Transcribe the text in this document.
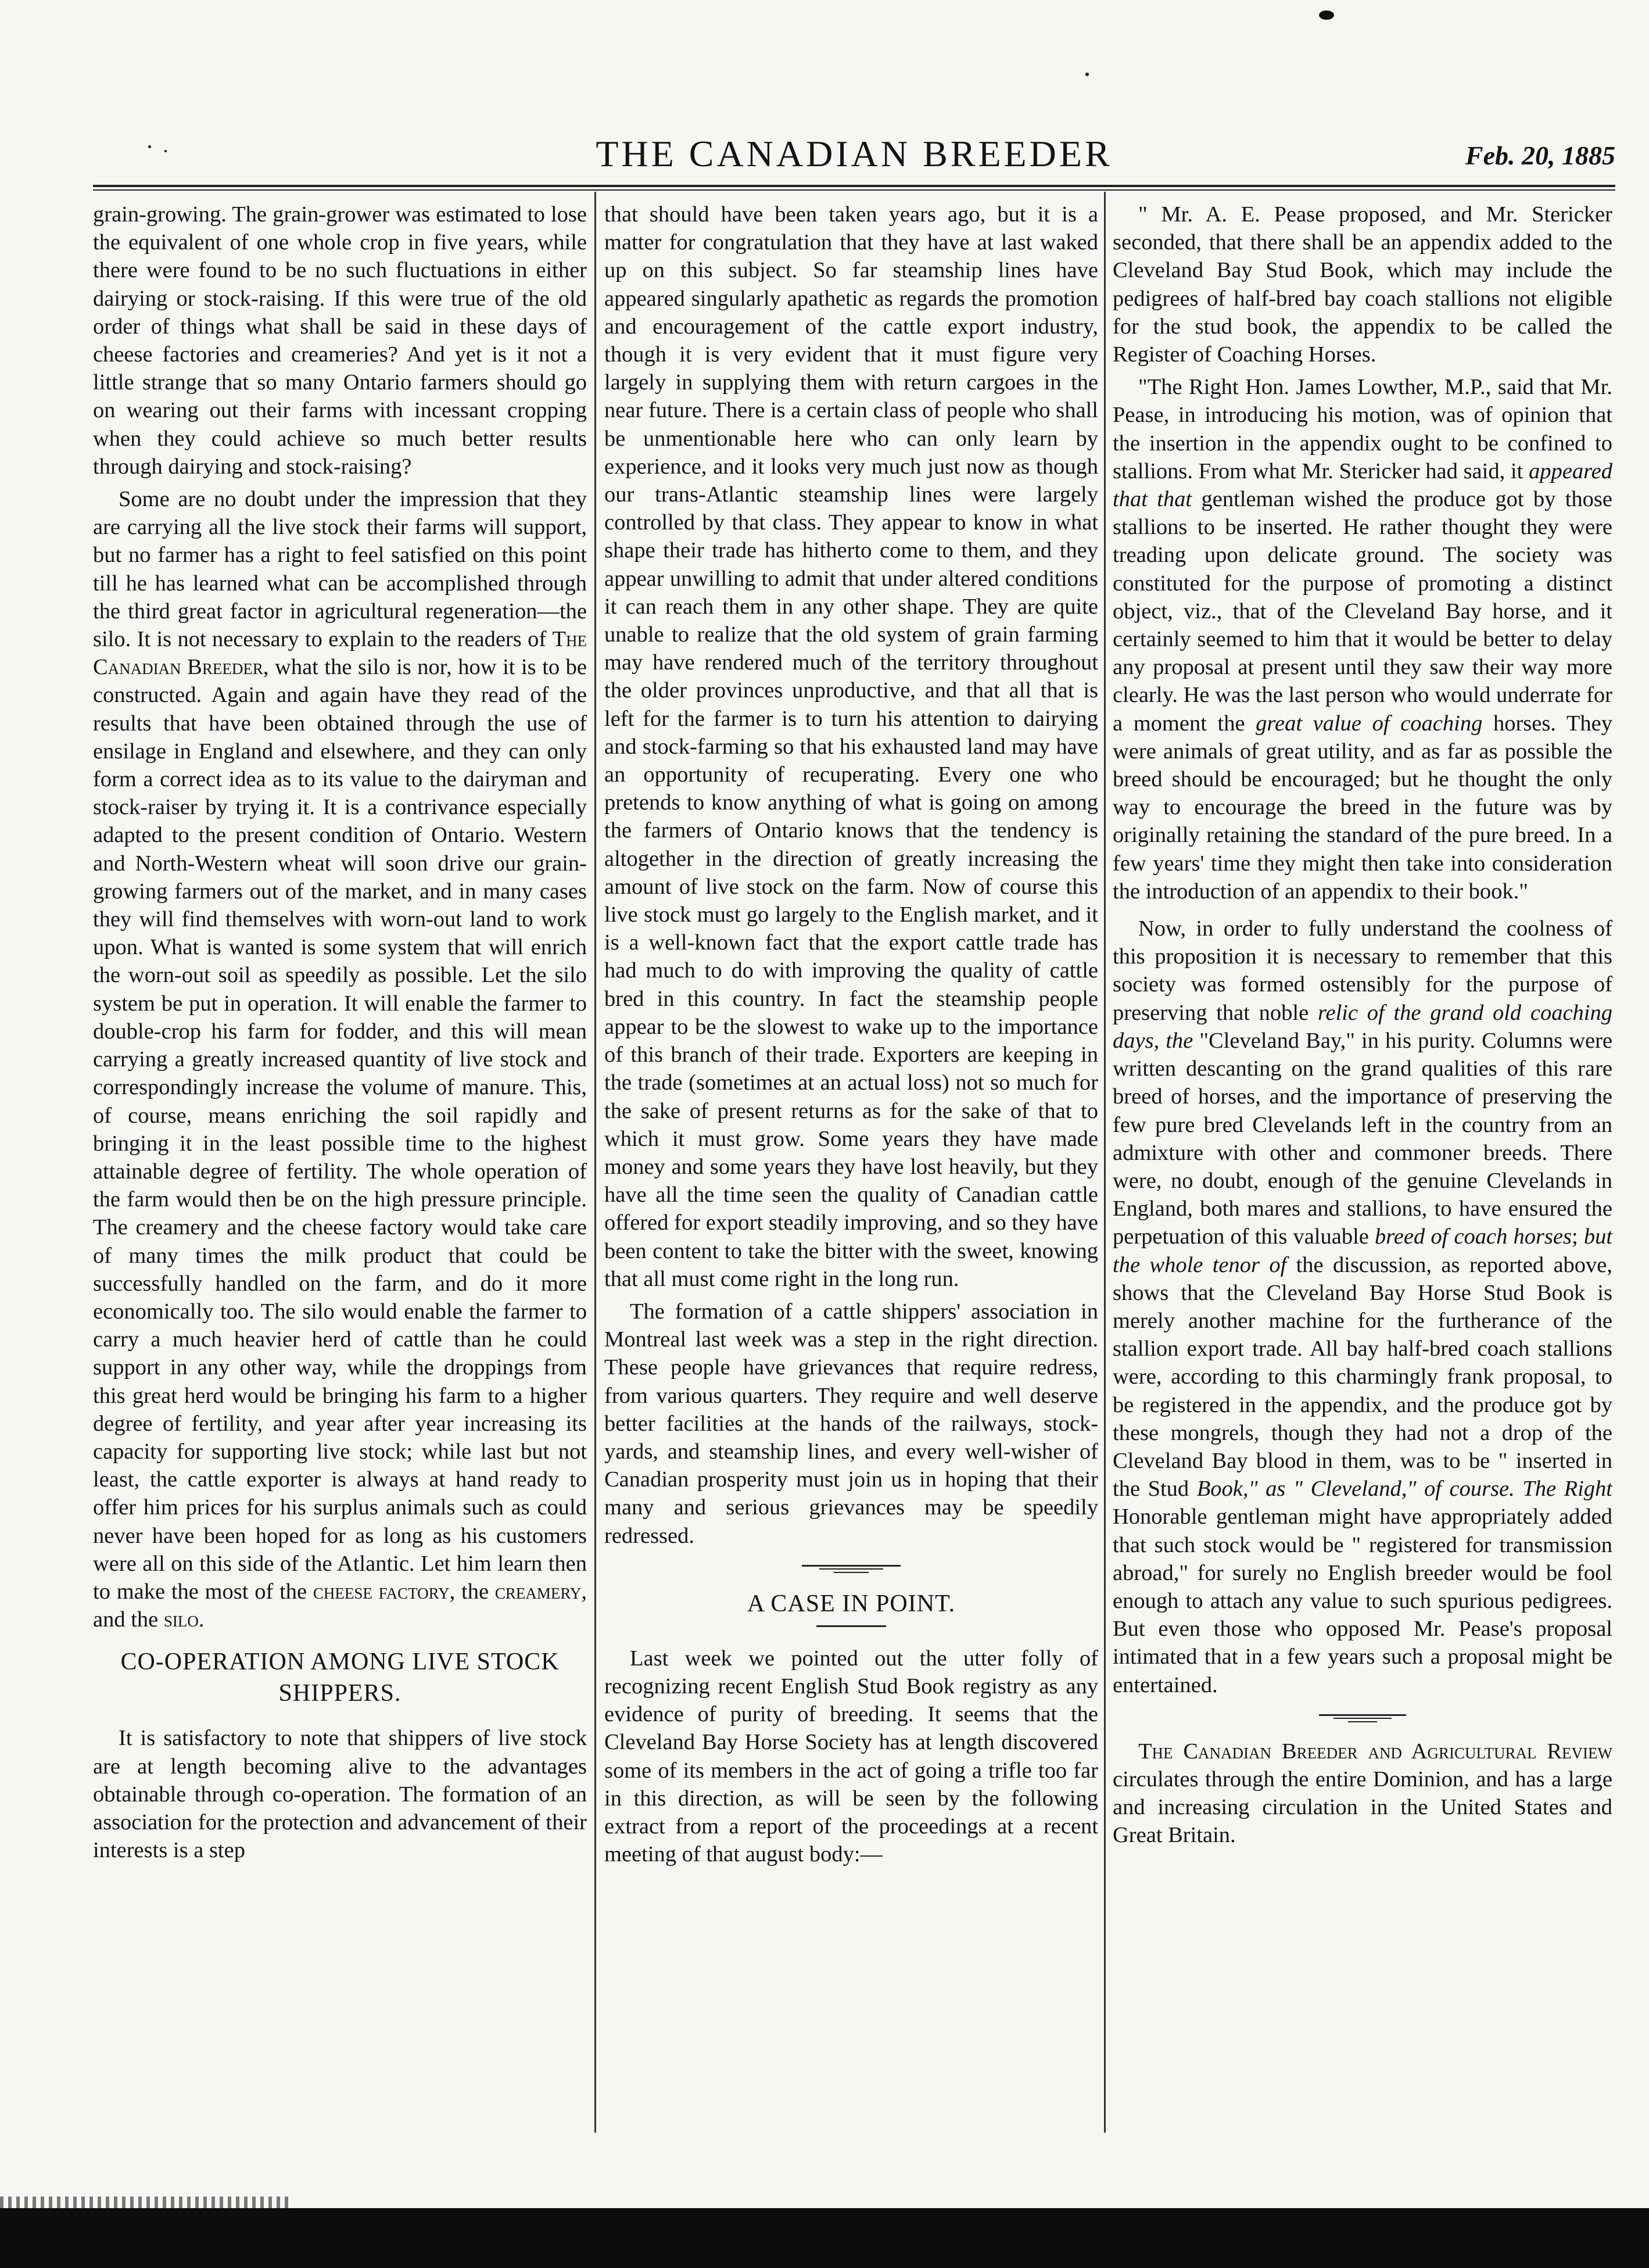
THE CANADIAN BREEDER	Feb. 20, 1885

grain-growing. The grain-grower was estimated to lose the equivalent of one whole crop in five years, while there were found to be no such fluctuations in either dairying or stock-raising. If this were true of the old order of things what shall be said in these days of cheese factories and creameries? And yet is it not a little strange that so many Ontario farmers should go on wearing out their farms with incessant cropping when they could achieve so much better results through dairying and stock-raising?

Some are no doubt under the impression that they are carrying all the live stock their farms will support, but no farmer has a right to feel satisfied on this point till he has learned what can be accomplished through the third great factor in agricultural regeneration—the silo. It is not necessary to explain to the readers of The Canadian Breeder, what the silo is nor, how it is to be constructed. Again and again have they read of the results that have been obtained through the use of ensilage in England and elsewhere, and they can only form a correct idea as to its value to the dairyman and stock-raiser by trying it. It is a contrivance especially adapted to the present condition of Ontario. Western and North-Western wheat will soon drive our grain-growing farmers out of the market, and in many cases they will find themselves with worn-out land to work upon. What is wanted is some system that will enrich the worn-out soil as speedily as possible. Let the silo system be put in operation. It will enable the farmer to double-crop his farm for fodder, and this will mean carrying a greatly increased quantity of live stock and correspondingly increase the volume of manure. This, of course, means enriching the soil rapidly and bringing it in the least possible time to the highest attainable degree of fertility. The whole operation of the farm would then be on the high pressure principle. The creamery and the cheese factory would take care of many times the milk product that could be successfully handled on the farm, and do it more economically too. The silo would enable the farmer to carry a much heavier herd of cattle than he could support in any other way, while the droppings from this great herd would be bringing his farm to a higher degree of fertility, and year after year increasing its capacity for supporting live stock; while last but not least, the cattle exporter is always at hand ready to offer him prices for his surplus animals such as could never have been hoped for as long as his customers were all on this side of the Atlantic. Let him learn then to make the most of the cheese factory, the creamery, and the silo.

CO-OPERATION AMONG LIVE STOCK SHIPPERS.

It is satisfactory to note that shippers of live stock are at length becoming alive to the advantages obtainable through co-operation. The formation of an association for the protection and advancement of their interests is a step

that should have been taken years ago, but it is a matter for congratulation that they have at last waked up on this subject. So far steamship lines have appeared singularly apathetic as regards the promotion and encouragement of the cattle export industry, though it is very evident that it must figure very largely in supplying them with return cargoes in the near future. There is a certain class of people who shall be unmentionable here who can only learn by experience, and it looks very much just now as though our trans-Atlantic steamship lines were largely controlled by that class. They appear to know in what shape their trade has hitherto come to them, and they appear unwilling to admit that under altered conditions it can reach them in any other shape. They are quite unable to realize that the old system of grain farming may have rendered much of the territory throughout the older provinces unproductive, and that all that is left for the farmer is to turn his attention to dairying and stock-farming so that his exhausted land may have an opportunity of recuperating. Every one who pretends to know anything of what is going on among the farmers of Ontario knows that the tendency is altogether in the direction of greatly increasing the amount of live stock on the farm. Now of course this live stock must go largely to the English market, and it is a well-known fact that the export cattle trade has had much to do with improving the quality of cattle bred in this country. In fact the steamship people appear to be the slowest to wake up to the importance of this branch of their trade. Exporters are keeping in the trade (sometimes at an actual loss) not so much for the sake of present returns as for the sake of that to which it must grow. Some years they have made money and some years they have lost heavily, but they have all the time seen the quality of Canadian cattle offered for export steadily improving, and so they have been content to take the bitter with the sweet, knowing that all must come right in the long run.

The formation of a cattle shippers' association in Montreal last week was a step in the right direction. These people have grievances that require redress, from various quarters. They require and well deserve better facilities at the hands of the railways, stock-yards, and steamship lines, and every well-wisher of Canadian prosperity must join us in hoping that their many and serious grievances may be speedily redressed.

A CASE IN POINT.

Last week we pointed out the utter folly of recognizing recent English Stud Book registry as any evidence of purity of breeding. It seems that the Cleveland Bay Horse Society has at length discovered some of its members in the act of going a trifle too far in this direction, as will be seen by the following extract from a report of the proceedings at a recent meeting of that august body:—

" Mr. A. E. Pease proposed, and Mr. Stericker seconded, that there shall be an appendix added to the Cleveland Bay Stud Book, which may include the pedigrees of half-bred bay coach stallions not eligible for the stud book, the appendix to be called the Register of Coaching Horses.

"The Right Hon. James Lowther, M.P., said that Mr. Pease, in introducing his motion, was of opinion that the insertion in the appendix ought to be confined to stallions. From what Mr. Stericker had said, it appeared that that gentleman wished the produce got by those stallions to be inserted. He rather thought they were treading upon delicate ground. The society was constituted for the purpose of promoting a distinct object, viz., that of the Cleveland Bay horse, and it certainly seemed to him that it would be better to delay any proposal at present until they saw their way more clearly. He was the last person who would underrate for a moment the great value of coaching horses. They were animals of great utility, and as far as possible the breed should be encouraged; but he thought the only way to encourage the breed in the future was by originally retaining the standard of the pure breed. In a few years' time they might then take into consideration the introduction of an appendix to their book."

Now, in order to fully understand the coolness of this proposition it is necessary to remember that this society was formed ostensibly for the purpose of preserving that noble relic of the grand old coaching days, the "Cleveland Bay," in his purity. Columns were written descanting on the grand qualities of this rare breed of horses, and the importance of preserving the few pure bred Clevelands left in the country from an admixture with other and commoner breeds. There were, no doubt, enough of the genuine Clevelands in England, both mares and stallions, to have ensured the perpetuation of this valuable breed of coach horses; but the whole tenor of the discussion, as reported above, shows that the Cleveland Bay Horse Stud Book is merely another machine for the furtherance of the stallion export trade. All bay half-bred coach stallions were, according to this charmingly frank proposal, to be registered in the appendix, and the produce got by these mongrels, though they had not a drop of the Cleveland Bay blood in them, was to be " inserted in the Stud Book," as " Cleveland," of course. The Right Honorable gentleman might have appropriately added that such stock would be " registered for transmission abroad," for surely no English breeder would be fool enough to attach any value to such spurious pedigrees. But even those who opposed Mr. Pease's proposal intimated that in a few years such a proposal might be entertained.

The Canadian Breeder and Agricultural Review circulates through the entire Dominion, and has a large and increasing circulation in the United States and Great Britain.
